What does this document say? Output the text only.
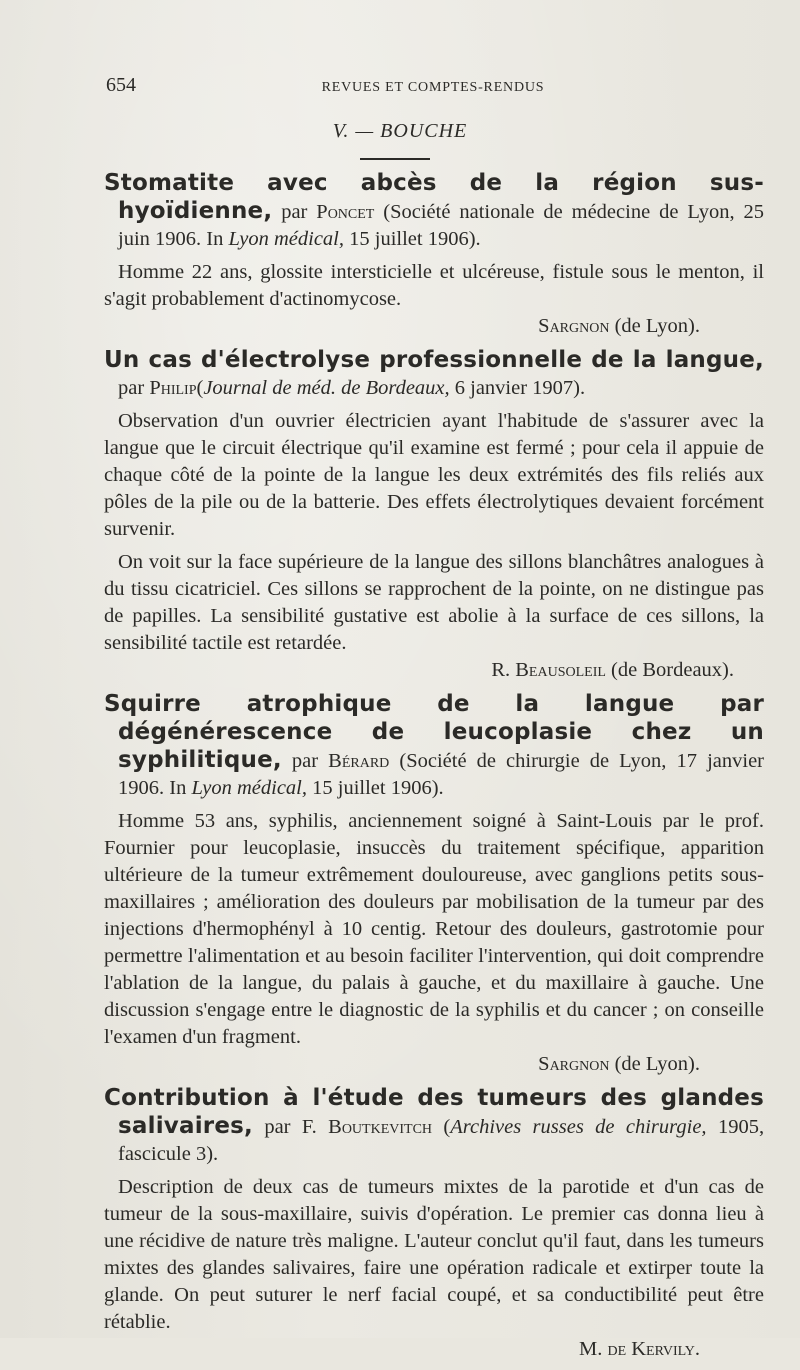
654	REVUES ET COMPTES-RENDUS
V. — BOUCHE

Stomatite avec abcès de la région sus-hyoïdienne, par Poncet (Société nationale de médecine de Lyon, 25 juin 1906. In Lyon médical, 15 juillet 1906).

Homme 22 ans, glossite intersticielle et ulcéreuse, fistule sous le menton, il s'agit probablement d'actinomycose.

Sargnon (de Lyon).

Un cas d'électrolyse professionnelle de la langue, par Philip(Journal de méd. de Bordeaux, 6 janvier 1907).

Observation d'un ouvrier électricien ayant l'habitude de s'assurer avec la langue que le circuit électrique qu'il examine est fermé ; pour cela il appuie de chaque côté de la pointe de la langue les deux extrémités des fils reliés aux pôles de la pile ou de la batterie. Des effets électrolytiques devaient forcément survenir.

On voit sur la face supérieure de la langue des sillons blanchâtres analogues à du tissu cicatriciel. Ces sillons se rapprochent de la pointe, on ne distingue pas de papilles. La sensibilité gustative est abolie à la surface de ces sillons, la sensibilité tactile est retardée.

R. Beausoleil (de Bordeaux).

Squirre atrophique de la langue par dégénérescence de leucoplasie chez un syphilitique, par Bérard (Société de chirurgie de Lyon, 17 janvier 1906. In Lyon médical, 15 juillet 1906).

Homme 53 ans, syphilis, anciennement soigné à Saint-Louis par le prof. Fournier pour leucoplasie, insuccès du traitement spécifique, apparition ultérieure de la tumeur extrêmement douloureuse, avec ganglions petits sous-maxillaires ; amélioration des douleurs par mobilisation de la tumeur par des injections d'hermophényl à 10 centig. Retour des douleurs, gastrotomie pour permettre l'alimentation et au besoin faciliter l'intervention, qui doit comprendre l'ablation de la langue, du palais à gauche, et du maxillaire à gauche. Une discussion s'engage entre le diagnostic de la syphilis et du cancer ; on conseille l'examen d'un fragment.

Sargnon (de Lyon).

Contribution à l'étude des tumeurs des glandes salivaires, par F. Boutkevitch (Archives russes de chirurgie, 1905, fascicule 3).

Description de deux cas de tumeurs mixtes de la parotide et d'un cas de tumeur de la sous-maxillaire, suivis d'opération. Le premier cas donna lieu à une récidive de nature très maligne. L'auteur conclut qu'il faut, dans les tumeurs mixtes des glandes salivaires, faire une opération radicale et extirper toute la glande. On peut suturer le nerf facial coupé, et sa conductibilité peut être rétablie.

M. de Kervily.
